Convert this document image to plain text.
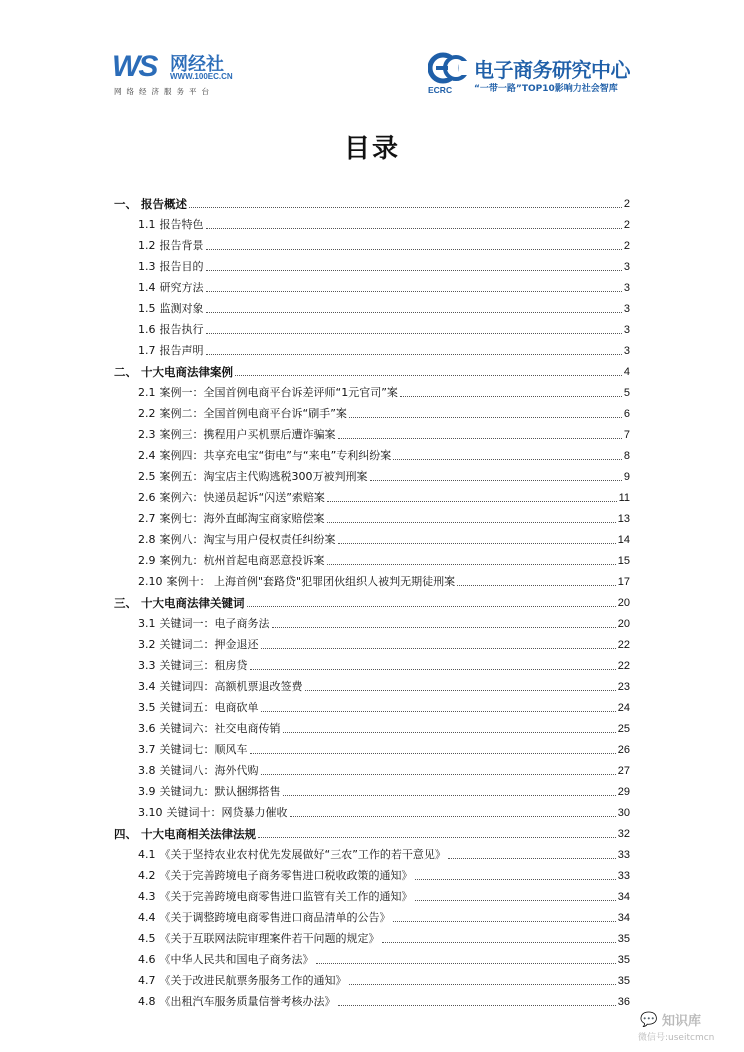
WS 网经社
WWW.100EC.CN
网络经济服务平台	ECRC
电子商务研究中心
“一带一路”TOP10影响力社会智库
目录
一、 报告概述	2
1.1 报告特色	2
1.2 报告背景	2
1.3 报告目的	3
1.4 研究方法	3
1.5 监测对象	3
1.6 报告执行	3
1.7 报告声明	3
二、 十大电商法律案例	4
2.1 案例一：全国首例电商平台诉差评师“1元官司”案	5
2.2 案例二：全国首例电商平台诉“刷手”案	6
2.3 案例三：携程用户买机票后遭诈骗案	7
2.4 案例四：共享充电宝“街电”与“来电”专利纠纷案	8
2.5 案例五：淘宝店主代购逃税300万被判刑案	9
2.6 案例六：快递员起诉“闪送”索赔案	11
2.7 案例七：海外直邮淘宝商家赔偿案	13
2.8 案例八：淘宝与用户侵权责任纠纷案	14
2.9 案例九：杭州首起电商恶意投诉案	15
2.10 案例十： 上海首例"套路贷"犯罪团伙组织人被判无期徒刑案	17
三、 十大电商法律关键词	20
3.1 关键词一：电子商务法	20
3.2 关键词二：押金退还	22
3.3 关键词三：租房贷	22
3.4 关键词四：高额机票退改签费	23
3.5 关键词五：电商砍单	24
3.6 关键词六：社交电商传销	25
3.7 关键词七：顺风车	26
3.8 关键词八：海外代购	27
3.9 关键词九：默认捆绑搭售	29
3.10 关键词十：网贷暴力催收	30
四、 十大电商相关法律法规	32
4.1 《关于坚持农业农村优先发展做好“三农”工作的若干意见》	33
4.2 《关于完善跨境电子商务零售进口税收政策的通知》	33
4.3 《关于完善跨境电商零售进口监管有关工作的通知》	34
4.4 《关于调整跨境电商零售进口商品清单的公告》	34
4.5 《关于互联网法院审理案件若干问题的规定》	35
4.6 《中华人民共和国电子商务法》	35
4.7 《关于改进民航票务服务工作的通知》	35
4.8 《出租汽车服务质量信誉考核办法》	36
💬 知识库
微信号:useitcmcn
